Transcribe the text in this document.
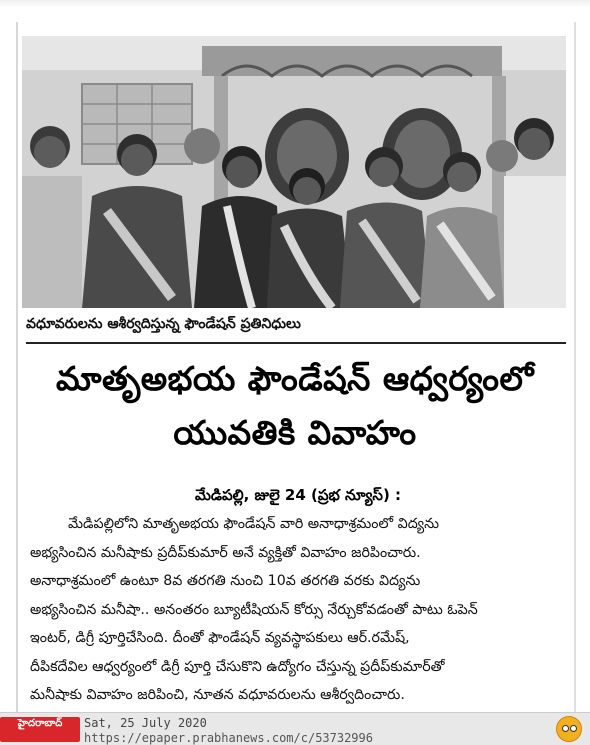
వధూవరులను ఆశీర్వదిస్తున్న ఫౌండేషన్ ప్రతినిధులు
మాతృఅభయ ఫౌండేషన్ ఆధ్వర్యంలో
యువతికి వివాహం
మేడిపల్లి, జులై 24 (ప్రభ న్యూస్) :
మేడిపల్లిలోని మాతృఅభయ ఫౌండేషన్ వారి అనాధాశ్రమంలో విద్యను
అభ్యసించిన మనీషాకు ప్రదీప్‌కుమార్ అనే వ్యక్తితో వివాహం జరిపించారు.
అనాధాశ్రమంలో ఉంటూ 8వ తరగతి నుంచి 10వ తరగతి వరకు విద్యను
అభ్యసించిన మనీషా.. అనంతరం బ్యూటీషియన్ కోర్సు నేర్చుకోవడంతో పాటు ఓపెన్
ఇంటర్, డిగ్రీ పూర్తిచేసింది. దీంతో ఫౌండేషన్ వ్యవస్థాపకులు ఆర్.రమేష్,
దీపికదేవిల ఆధ్వర్యంలో డిగ్రీ పూర్తి చేసుకొని ఉద్యోగం చేస్తున్న ప్రదీప్‌కుమార్‌తో
మనీషాకు వివాహం జరిపించి, నూతన వధూవరులను ఆశీర్వదించారు.
హైదరాబాద్	Sat, 25 July 2020
https://epaper.prabhanews.com/c/53732996
